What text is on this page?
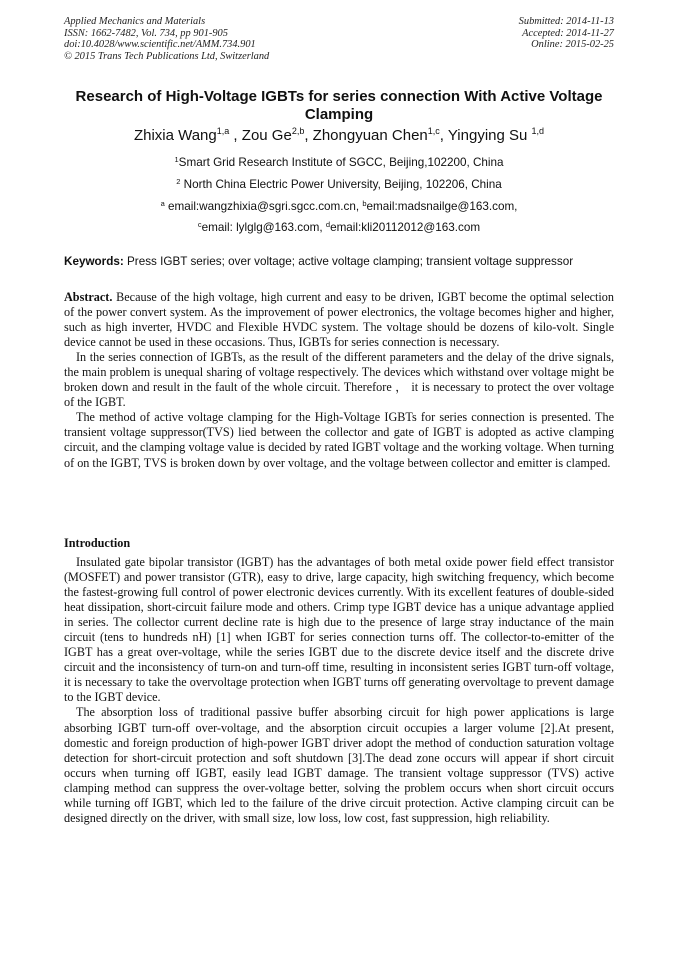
Applied Mechanics and Materials
ISSN: 1662-7482, Vol. 734, pp 901-905
doi:10.4028/www.scientific.net/AMM.734.901
© 2015 Trans Tech Publications Ltd, Switzerland
Submitted: 2014-11-13
Accepted: 2014-11-27
Online: 2015-02-25
Research of High-Voltage IGBTs for series connection With Active Voltage Clamping
Zhixia Wang$^{1,a}$ , Zou Ge$^{2,b}$, Zhongyuan Chen$^{1,c}$, Yingying Su $^{1,d}$
$^1$Smart Grid Research Institute of SGCC, Beijing,102200, China
$^2$ North China Electric Power University, Beijing, 102206, China
$^a$ email:wangzhixia@sgri.sgcc.com.cn, $^b$email:madsnailge@163.com,
$^c$email: lylglg@163.com, $^d$email:kli20112012@163.com
Keywords: Press IGBT series; over voltage; active voltage clamping; transient voltage suppressor

Abstract. Because of the high voltage, high current and easy to be driven, IGBT become the optimal selection of the power convert system. As the improvement of power electronics, the voltage becomes higher and higher, such as high inverter, HVDC and Flexible HVDC system. The voltage should be dozens of kilo-volt. Single device cannot be used in these occasions. Thus, IGBTs for series connection is necessary.

In the series connection of IGBTs, as the result of the different parameters and the delay of the drive signals, the main problem is unequal sharing of voltage respectively. The devices which withstand over voltage might be broken down and result in the fault of the whole circuit. Therefore ， it is necessary to protect the over voltage of the IGBT.

The method of active voltage clamping for the High-Voltage IGBTs for series connection is presented. The transient voltage suppressor(TVS) lied between the collector and gate of IGBT is adopted as active clamping circuit, and the clamping voltage value is decided by rated IGBT voltage and the working voltage. When turning of on the IGBT, TVS is broken down by over voltage, and the voltage between collector and emitter is clamped.

Introduction

Insulated gate bipolar transistor (IGBT) has the advantages of both metal oxide power field effect transistor (MOSFET) and power transistor (GTR), easy to drive, large capacity, high switching frequency, which become the fastest-growing full control of power electronic devices currently. With its excellent features of double-sided heat dissipation, short-circuit failure mode and others. Crimp type IGBT device has a unique advantage applied in series. The collector current decline rate is high due to the presence of large stray inductance of the main circuit (tens to hundreds nH) [1] when IGBT for series connection turns off. The collector-to-emitter of the IGBT has a great over-voltage, while the series IGBT due to the discrete device itself and the discrete drive circuit and the inconsistency of turn-on and turn-off time, resulting in inconsistent series IGBT turn-off voltage, it is necessary to take the overvoltage protection when IGBT turns off generating overvoltage to prevent damage to the IGBT device.

The absorption loss of traditional passive buffer absorbing circuit for high power applications is large absorbing IGBT turn-off over-voltage, and the absorption circuit occupies a larger volume [2].At present, domestic and foreign production of high-power IGBT driver adopt the method of conduction saturation voltage detection for short-circuit protection and soft shutdown [3].The dead zone occurs will appear if short circuit occurs when turning off IGBT, easily lead IGBT damage. The transient voltage suppressor (TVS) active clamping method can suppress the over-voltage better, solving the problem occurs when short circuit occurs while turning off IGBT, which led to the failure of the drive circuit protection. Active clamping circuit can be designed directly on the driver, with small size, low loss, low cost, fast suppression, high reliability.
